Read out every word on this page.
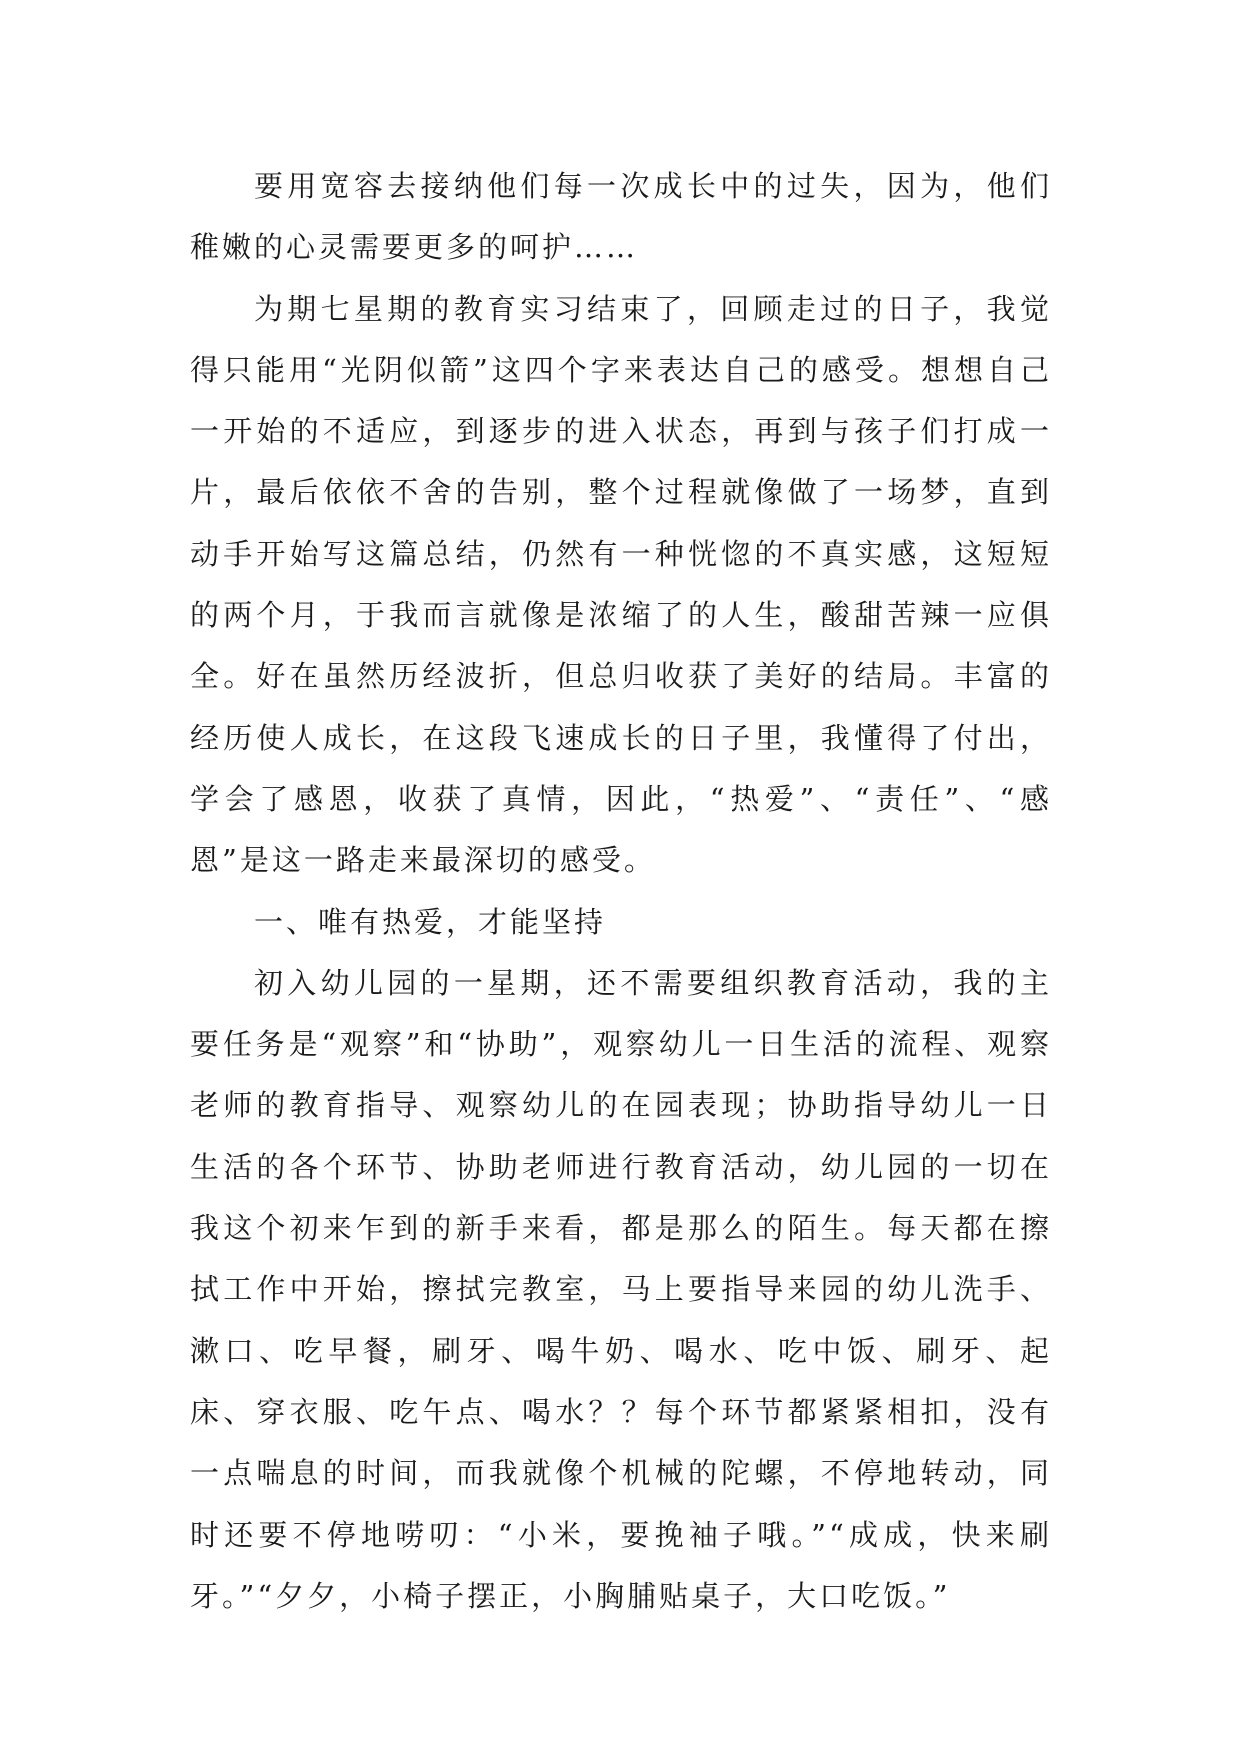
要用宽容去接纳他们每一次成长中的过失，因为，他们稚嫩的心灵需要更多的呵护……

为期七星期的教育实习结束了，回顾走过的日子，我觉得只能用“光阴似箭”这四个字来表达自己的感受。想想自己一开始的不适应，到逐步的进入状态，再到与孩子们打成一片，最后依依不舍的告别，整个过程就像做了一场梦，直到动手开始写这篇总结，仍然有一种恍惚的不真实感，这短短的两个月，于我而言就像是浓缩了的人生，酸甜苦辣一应俱全。好在虽然历经波折，但总归收获了美好的结局。丰富的经历使人成长，在这段飞速成长的日子里，我懂得了付出，学会了感恩，收获了真情，因此，“热爱”、“责任”、“感恩”是这一路走来最深切的感受。

一、唯有热爱，才能坚持

初入幼儿园的一星期，还不需要组织教育活动，我的主要任务是“观察”和“协助”，观察幼儿一日生活的流程、观察老师的教育指导、观察幼儿的在园表现；协助指导幼儿一日生活的各个环节、协助老师进行教育活动，幼儿园的一切在我这个初来乍到的新手来看，都是那么的陌生。每天都在擦拭工作中开始，擦拭完教室，马上要指导来园的幼儿洗手、漱口、吃早餐，刷牙、喝牛奶、喝水、吃中饭、刷牙、起床、穿衣服、吃午点、喝水？？每个环节都紧紧相扣，没有一点喘息的时间，而我就像个机械的陀螺，不停地转动，同时还要不停地唠叨：“小米，要挽袖子哦。”“成成，快来刷牙。”“夕夕，小椅子摆正，小胸脯贴桌子，大口吃饭。”
